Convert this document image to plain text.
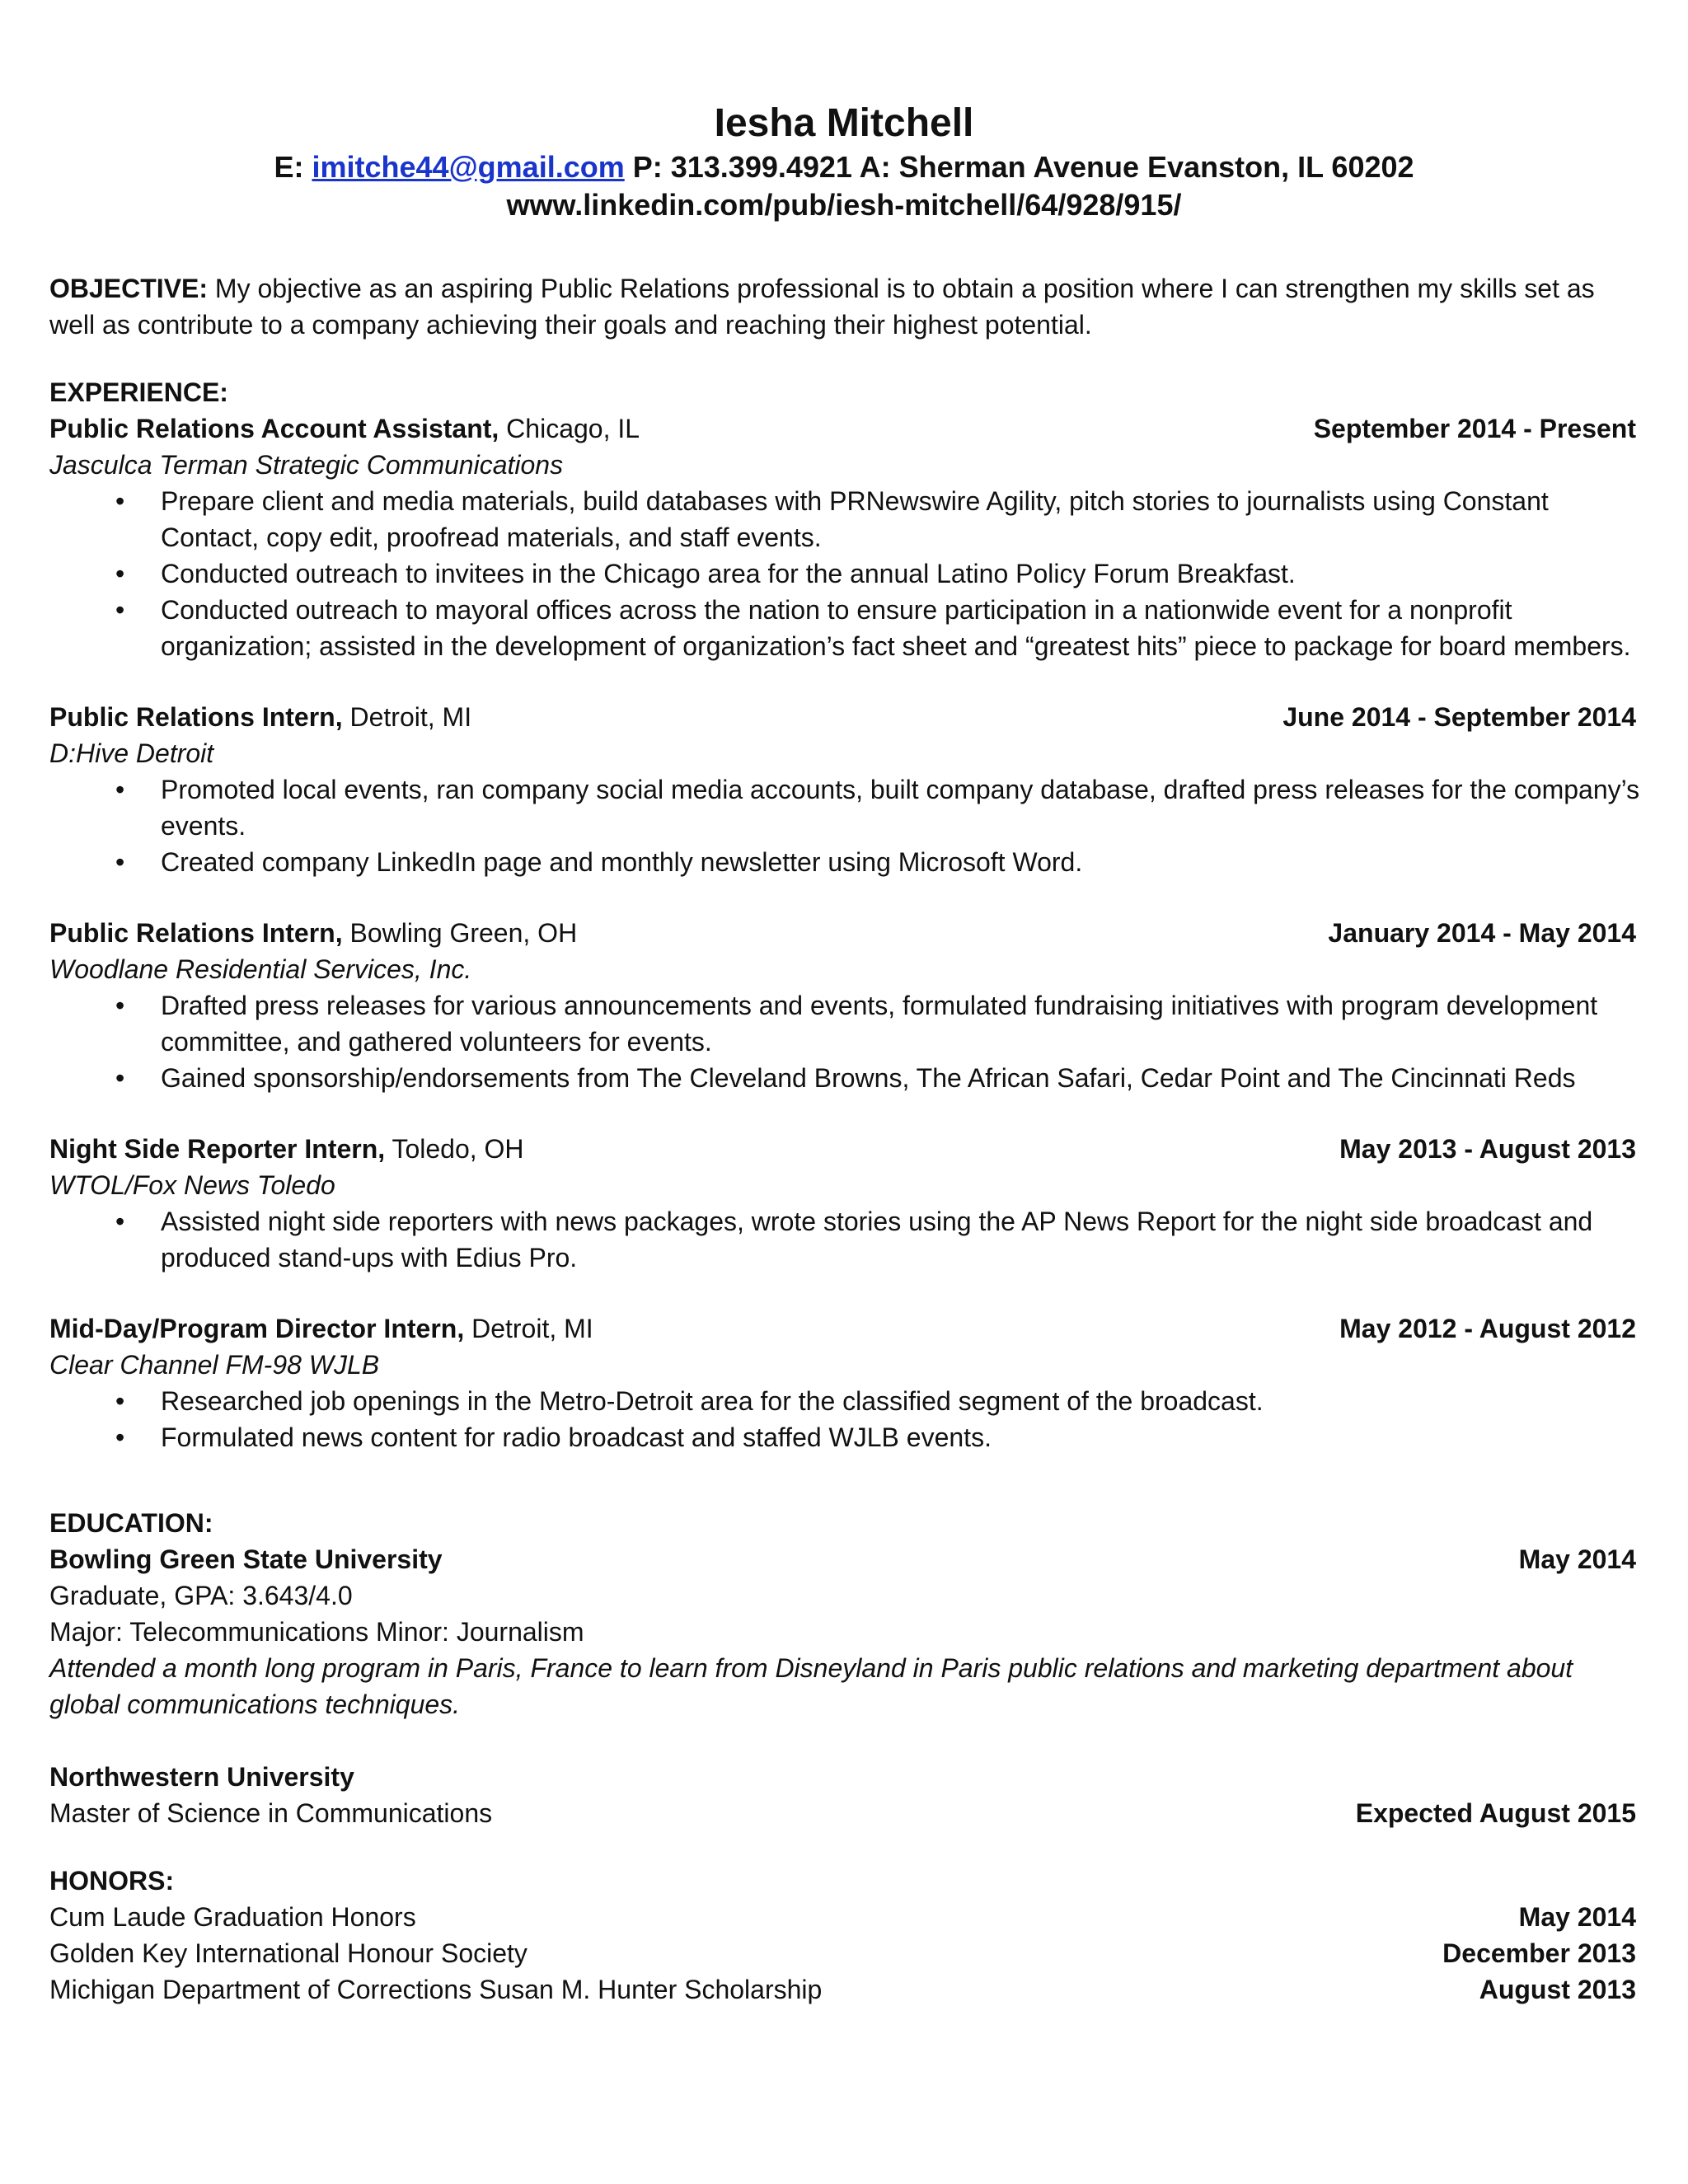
Iesha Mitchell
E: imitche44@gmail.com P: 313.399.4921 A: Sherman Avenue Evanston, IL 60202
www.linkedin.com/pub/iesh-mitchell/64/928/915/
OBJECTIVE: My objective as an aspiring Public Relations professional is to obtain a position where I can strengthen my skills set as well as contribute to a company achieving their goals and reaching their highest potential.
EXPERIENCE:
Public Relations Account Assistant, Chicago, IL	September 2014 - Present
Jasculca Terman Strategic Communications
• Prepare client and media materials, build databases with PRNewswire Agility, pitch stories to journalists using Constant Contact, copy edit, proofread materials, and staff events.
• Conducted outreach to invitees in the Chicago area for the annual Latino Policy Forum Breakfast.
• Conducted outreach to mayoral offices across the nation to ensure participation in a nationwide event for a nonprofit organization; assisted in the development of organization’s fact sheet and “greatest hits” piece to package for board members.
Public Relations Intern, Detroit, MI	June 2014 - September 2014
D:Hive Detroit
• Promoted local events, ran company social media accounts, built company database, drafted press releases for the company’s events.
• Created company LinkedIn page and monthly newsletter using Microsoft Word.
Public Relations Intern, Bowling Green, OH	January 2014 - May 2014
Woodlane Residential Services, Inc.
• Drafted press releases for various announcements and events, formulated fundraising initiatives with program development committee, and gathered volunteers for events.
• Gained sponsorship/endorsements from The Cleveland Browns, The African Safari, Cedar Point and The Cincinnati Reds
Night Side Reporter Intern, Toledo, OH	May 2013 - August 2013
WTOL/Fox News Toledo
• Assisted night side reporters with news packages, wrote stories using the AP News Report for the night side broadcast and produced stand-ups with Edius Pro.
Mid-Day/Program Director Intern, Detroit, MI	May 2012 - August 2012
Clear Channel FM-98 WJLB
• Researched job openings in the Metro-Detroit area for the classified segment of the broadcast.
• Formulated news content for radio broadcast and staffed WJLB events.
EDUCATION:
Bowling Green State University	May 2014
Graduate, GPA: 3.643/4.0
Major: Telecommunications Minor: Journalism
Attended a month long program in Paris, France to learn from Disneyland in Paris public relations and marketing department about global communications techniques.
Northwestern University
Master of Science in Communications	Expected August 2015
HONORS:
Cum Laude Graduation Honors	May 2014
Golden Key International Honour Society	December 2013
Michigan Department of Corrections Susan M. Hunter Scholarship	August 2013
